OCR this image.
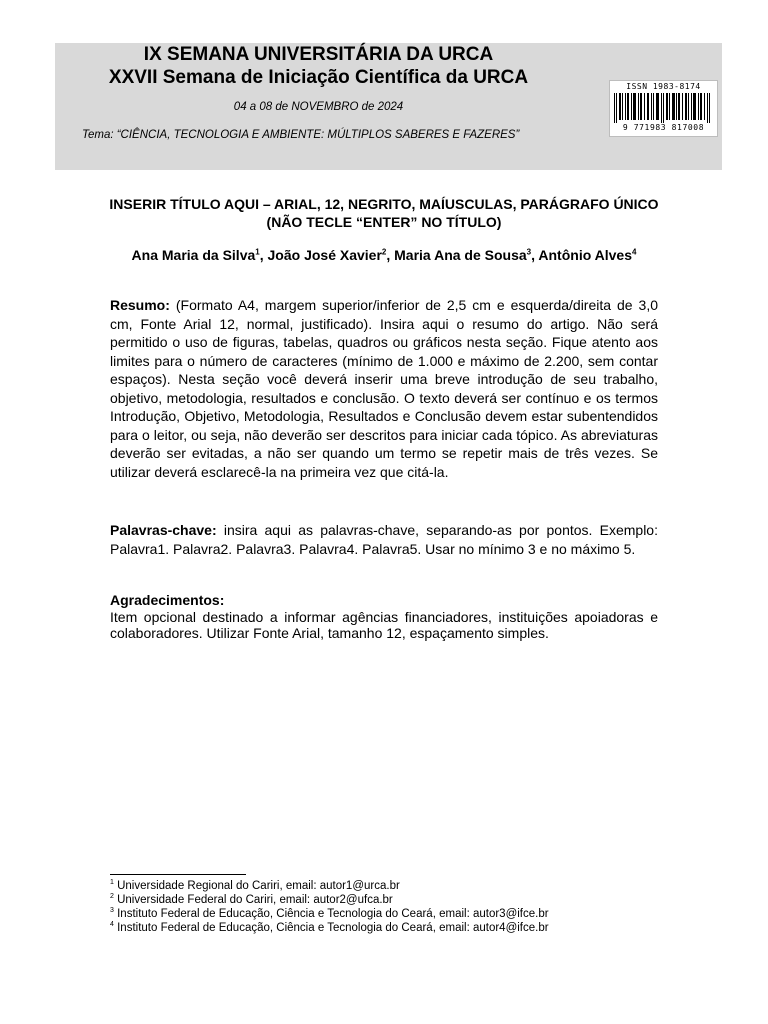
IX SEMANA UNIVERSITÁRIA DA URCA
XXVII Semana de Iniciação Científica da URCA
04 a 08 de NOVEMBRO de 2024
Tema: “CIÊNCIA, TECNOLOGIA E AMBIENTE: MÚLTIPLOS SABERES E FAZERES”
ISSN 1983-8174
9 771983 817008
INSERIR TÍTULO AQUI – ARIAL, 12, NEGRITO, MAÍUSCULAS, PARÁGRAFO ÚNICO (NÃO TECLE “ENTER” NO TÍTULO)
Ana Maria da Silva$^1$, João José Xavier$^2$, Maria Ana de Sousa$^3$, Antônio Alves$^4$
Resumo: (Formato A4, margem superior/inferior de 2,5 cm e esquerda/direita de 3,0 cm, Fonte Arial 12, normal, justificado). Insira aqui o resumo do artigo. Não será permitido o uso de figuras, tabelas, quadros ou gráficos nesta seção. Fique atento aos limites para o número de caracteres (mínimo de 1.000 e máximo de 2.200, sem contar espaços). Nesta seção você deverá inserir uma breve introdução de seu trabalho, objetivo, metodologia, resultados e conclusão. O texto deverá ser contínuo e os termos Introdução, Objetivo, Metodologia, Resultados e Conclusão devem estar subentendidos para o leitor, ou seja, não deverão ser descritos para iniciar cada tópico. As abreviaturas deverão ser evitadas, a não ser quando um termo se repetir mais de três vezes. Se utilizar deverá esclarecê-la na primeira vez que citá-la.
Palavras-chave: insira aqui as palavras-chave, separando-as por pontos. Exemplo: Palavra1. Palavra2. Palavra3. Palavra4. Palavra5. Usar no mínimo 3 e no máximo 5.
Agradecimentos:
Item opcional destinado a informar agências financiadores, instituições apoiadoras e colaboradores. Utilizar Fonte Arial, tamanho 12, espaçamento simples.
$^1$ Universidade Regional do Cariri, email: autor1@urca.br
$^2$ Universidade Federal do Cariri, email: autor2@ufca.br
$^3$ Instituto Federal de Educação, Ciência e Tecnologia do Ceará, email: autor3@ifce.br
$^4$ Instituto Federal de Educação, Ciência e Tecnologia do Ceará, email: autor4@ifce.br
